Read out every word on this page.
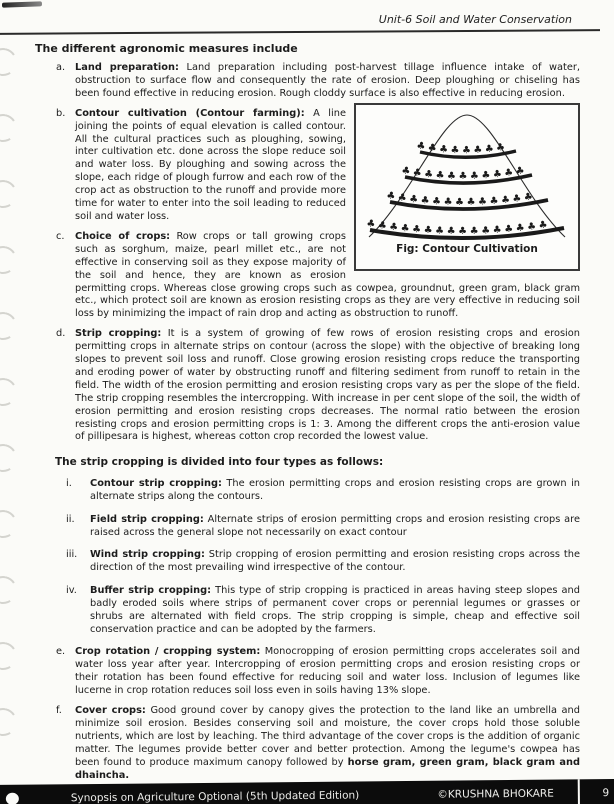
Unit-6 Soil and Water Conservation
The different agronomic measures include
a. Land preparation: Land preparation including post-harvest tillage influence intake of water, obstruction to surface flow and consequently the rate of erosion. Deep ploughing or chiseling has been found effective in reducing erosion. Rough cloddy surface is also effective in reducing erosion.

♣♣♣♣♣♣♣♣
♣♣♣♣♣♣♣♣♣♣♣
♣♣♣♣♣♣♣♣♣♣♣♣♣
♣♣♣♣♣♣♣♣♣♣♣♣♣♣♣♣
Fig: Contour Cultivation
b. Contour cultivation (Contour farming): A line joining the points of equal elevation is called contour. All the cultural practices such as ploughing, sowing, inter cultivation etc. done across the slope reduce soil and water loss. By ploughing and sowing across the slope, each ridge of plough furrow and each row of the crop act as obstruction to the runoff and provide more time for water to enter into the soil leading to reduced soil and water loss.

c. Choice of crops: Row crops or tall growing crops such as sorghum, maize, pearl millet etc., are not effective in conserving soil as they expose majority of the soil and hence, they are known as erosion permitting crops. Whereas close growing crops such as cowpea, groundnut, green gram, black gram etc., which protect soil are known as erosion resisting crops as they are very effective in reducing soil loss by minimizing the impact of rain drop and acting as obstruction to runoff.

d. Strip cropping: It is a system of growing of few rows of erosion resisting crops and erosion permitting crops in alternate strips on contour (across the slope) with the objective of breaking long slopes to prevent soil loss and runoff. Close growing erosion resisting crops reduce the transporting and eroding power of water by obstructing runoff and filtering sediment from runoff to retain in the field. The width of the erosion permitting and erosion resisting crops vary as per the slope of the field. The strip cropping resembles the intercropping. With increase in per cent slope of the soil, the width of erosion permitting and erosion resisting crops decreases. The normal ratio between the erosion resisting crops and erosion permitting crops is 1: 3. Among the different crops the anti-erosion value of pillipesara is highest, whereas cotton crop recorded the lowest value.

The strip cropping is divided into four types as follows:
i. Contour strip cropping: The erosion permitting crops and erosion resisting crops are grown in alternate strips along the contours.

ii. Field strip cropping: Alternate strips of erosion permitting crops and erosion resisting crops are raised across the general slope not necessarily on exact contour

iii. Wind strip cropping: Strip cropping of erosion permitting and erosion resisting crops across the direction of the most prevailing wind irrespective of the contour.

iv. Buffer strip cropping: This type of strip cropping is practiced in areas having steep slopes and badly eroded soils where strips of permanent cover crops or perennial legumes or grasses or shrubs are alternated with field crops. The strip cropping is simple, cheap and effective soil conservation practice and can be adopted by the farmers.

e. Crop rotation / cropping system: Monocropping of erosion permitting crops accelerates soil and water loss year after year. Intercropping of erosion permitting crops and erosion resisting crops or their rotation has been found effective for reducing soil and water loss. Inclusion of legumes like lucerne in crop rotation reduces soil loss even in soils having 13% slope.

f. Cover crops: Good ground cover by canopy gives the protection to the land like an umbrella and minimize soil erosion. Besides conserving soil and moisture, the cover crops hold those soluble nutrients, which are lost by leaching. The third advantage of the cover crops is the addition of organic matter. The legumes provide better cover and better protection. Among the legume's cowpea has been found to produce maximum canopy followed by horse gram, green gram, black gram and dhaincha.

Synopsis on Agriculture Optional (5th Updated Edition)	©KRUSHNA BHOKARE	9
